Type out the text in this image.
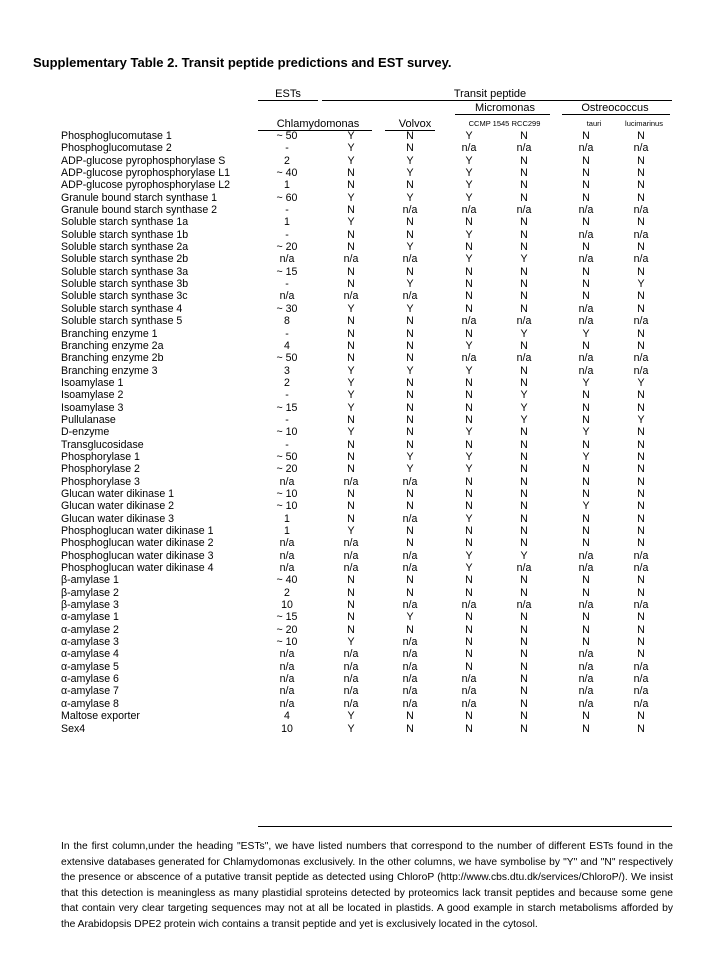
Supplementary Table 2. Transit peptide predictions and EST survey.
ESTs	Transit peptide
Micromonas	Ostreococcus
Chlamydomonas	Volvox	CCMP 1545 RCC299	tauri	lucimarinus
Phosphoglucomutase 1	~ 50	Y	N	Y	N	N	N
Phosphoglucomutase 2	-	Y	N	n/a	n/a	n/a	n/a
ADP-glucose pyrophosphorylase S	2	Y	Y	Y	N	N	N
ADP-glucose pyrophosphorylase L1	~ 40	N	Y	Y	N	N	N
ADP-glucose pyrophosphorylase L2	1	N	N	Y	N	N	N
Granule bound starch synthase 1	~ 60	Y	Y	Y	N	N	N
Granule bound starch synthase 2	-	N	n/a	n/a	n/a	n/a	n/a
Soluble starch synthase 1a	1	Y	N	N	N	N	N
Soluble starch synthase 1b	-	N	N	Y	N	n/a	n/a
Soluble starch synthase 2a	~ 20	N	Y	N	N	N	N
Soluble starch synthase 2b	n/a	n/a	n/a	Y	Y	n/a	n/a
Soluble starch synthase 3a	~ 15	N	N	N	N	N	N
Soluble starch synthase 3b	-	N	Y	N	N	N	Y
Soluble starch synthase 3c	n/a	n/a	n/a	N	N	N	N
Soluble starch synthase 4	~ 30	Y	Y	N	N	n/a	N
Soluble starch synthase 5	8	N	N	n/a	n/a	n/a	n/a
Branching enzyme 1	-	N	N	N	Y	Y	N
Branching enzyme 2a	4	N	N	Y	N	N	N
Branching enzyme 2b	~ 50	N	N	n/a	n/a	n/a	n/a
Branching enzyme 3	3	Y	Y	Y	N	n/a	n/a
Isoamylase 1	2	Y	N	N	N	Y	Y
Isoamylase 2	-	Y	N	N	Y	N	N
Isoamylase 3	~ 15	Y	N	N	Y	N	N
Pullulanase	-	N	N	N	Y	N	Y
D-enzyme	~ 10	Y	N	Y	N	Y	N
Transglucosidase	-	N	N	N	N	N	N
Phosphorylase 1	~ 50	N	Y	Y	N	Y	N
Phosphorylase 2	~ 20	N	Y	Y	N	N	N
Phosphorylase 3	n/a	n/a	n/a	N	N	N	N
Glucan water dikinase 1	~ 10	N	N	N	N	N	N
Glucan water dikinase 2	~ 10	N	N	N	N	Y	N
Glucan water dikinase 3	1	N	n/a	Y	N	N	N
Phosphoglucan water dikinase 1	1	Y	N	N	N	N	N
Phosphoglucan water dikinase 2	n/a	n/a	N	N	N	N	N
Phosphoglucan water dikinase 3	n/a	n/a	n/a	Y	Y	n/a	n/a
Phosphoglucan water dikinase 4	n/a	n/a	n/a	Y	n/a	n/a	n/a
β-amylase 1	~ 40	N	N	N	N	N	N
β-amylase 2	2	N	N	N	N	N	N
β-amylase 3	10	N	n/a	n/a	n/a	n/a	n/a
α-amylase 1	~ 15	N	Y	N	N	N	N
α-amylase 2	~ 20	N	N	N	N	N	N
α-amylase 3	~ 10	Y	n/a	N	N	N	N
α-amylase 4	n/a	n/a	n/a	N	N	n/a	N
α-amylase 5	n/a	n/a	n/a	N	N	n/a	n/a
α-amylase 6	n/a	n/a	n/a	n/a	N	n/a	n/a
α-amylase 7	n/a	n/a	n/a	n/a	N	n/a	n/a
α-amylase 8	n/a	n/a	n/a	n/a	N	n/a	n/a
Maltose exporter	4	Y	N	N	N	N	N
Sex4	10	Y	N	N	N	N	N
In the first column,under the heading "ESTs", we have listed numbers that correspond to the number of different ESTs found in the extensive databases generated for Chlamydomonas exclusively. In the other columns, we have symbolise by "Y" and "N" respectively the presence or abscence of a putative transit peptide as detected using ChloroP (http://www.cbs.dtu.dk/services/ChloroP/). We insist that this detection is meaningless as many plastidial sproteins detected by proteomics lack transit peptides and because some gene that contain very clear targeting sequences may not at all be located in plastids. A good example in starch metabolisms afforded by the Arabidopsis DPE2 protein wich contains a transit peptide and yet is exclusively located in the cytosol.
